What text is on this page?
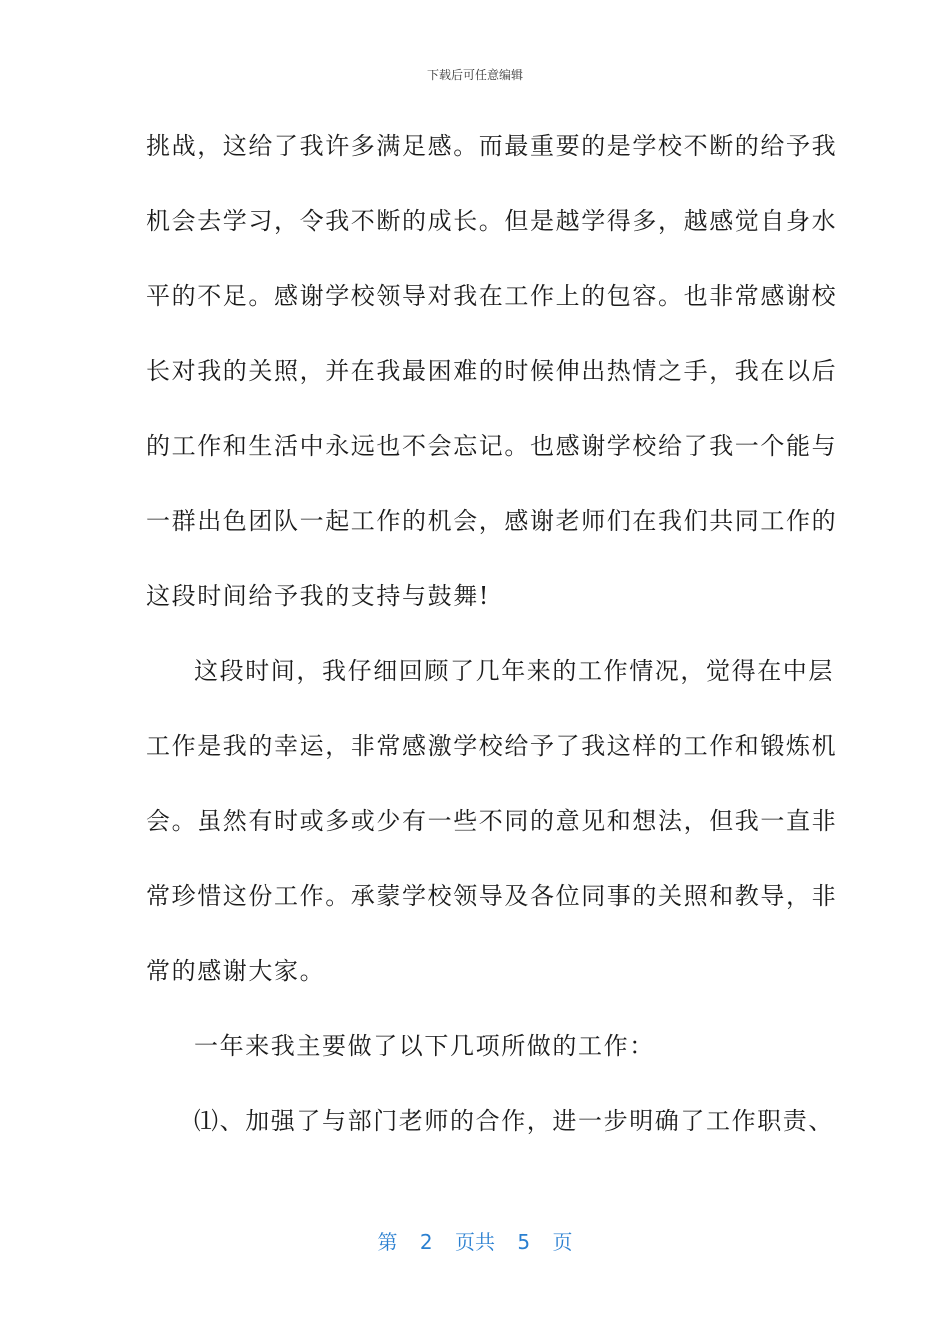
下载后可任意编辑
挑战，这给了我许多满足感。而最重要的是学校不断的给予我
机会去学习，令我不断的成长。但是越学得多，越感觉自身水
平的不足。感谢学校领导对我在工作上的包容。也非常感谢校
长对我的关照，并在我最困难的时候伸出热情之手，我在以后
的工作和生活中永远也不会忘记。也感谢学校给了我一个能与
一群出色团队一起工作的机会，感谢老师们在我们共同工作的
这段时间给予我的支持与鼓舞!
这段时间，我仔细回顾了几年来的工作情况，觉得在中层
工作是我的幸运，非常感激学校给予了我这样的工作和锻炼机
会。虽然有时或多或少有一些不同的意见和想法，但我一直非
常珍惜这份工作。承蒙学校领导及各位同事的关照和教导，非
常的感谢大家。
一年来我主要做了以下几项所做的工作：
⑴、加强了与部门老师的合作，进一步明确了工作职责、
第 2 页共 5 页
